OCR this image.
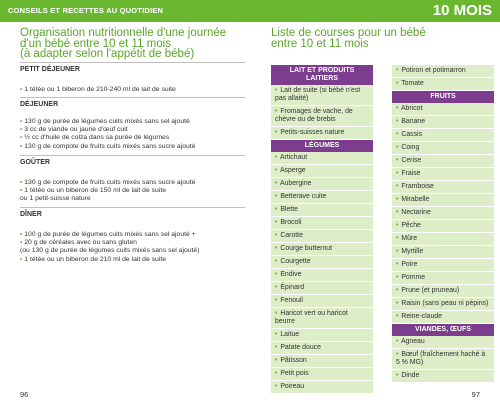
CONSEILS ET RECETTES AU QUOTIDIEN	10 MOIS
Organisation nutritionnelle d'une journée
d'un bébé entre 10 et 11 mois
(à adapter selon l'appétit de bébé)
Liste de courses pour un bébé
entre 10 et 11 mois
PETIT DÉJEUNER
• 1 tétée ou 1 biberon de 210-240 ml de lait de suite
DÉJEUNER
• 130 g de purée de légumes cuits mixés sans sel ajouté
• 3 cc de viande ou jaune d'œuf cuit
• ½ cc d'huile de colza dans sa purée de légumes
• 130 g de compote de fruits cuits mixés sans sucre ajouté
GOÛTER
• 130 g de compote de fruits cuits mixés sans sucre ajouté
• 1 tétée ou un biberon de 150 ml de lait de suite
ou 1 petit-suisse nature
DÎNER
• 100 g de purée de légumes cuits mixés sans sel ajouté +
• 20 g de céréales avec ou sans gluten
(ou 130 g de purée de légumes cuits mixés sans sel ajouté)
• 1 tétée ou un biberon de 210 ml de lait de suite
LAIT ET PRODUITS LAITIERS
• Lait de suite (si bébé n'est pas allaité)
• Fromages de vache, de chèvre ou de brebis
• Petits-suisses nature
LÉGUMES
• Artichaut
• Asperge
• Aubergine
• Betterave cuite
• Blette
• Brocoli
• Carotte
• Courge butternut
• Courgette
• Endive
• Épinard
• Fenouil
• Haricot vert ou haricot beurre
• Laitue
• Patate douce
• Pâtisson
• Petit pois
• Poireau
• Potiron et potimarron
• Tomate
FRUITS
• Abricot
• Banane
• Cassis
• Coing
• Cerise
• Fraise
• Framboise
• Mirabelle
• Nectarine
• Pêche
• Mûre
• Myrtille
• Poire
• Pomme
• Prune (et pruneau)
• Raisin (sans peau ni pépins)
• Reine-claude
VIANDES, ŒUFS
• Agneau
• Bœuf (fraîchement haché à 5 % MG)
• Dinde
96	97
